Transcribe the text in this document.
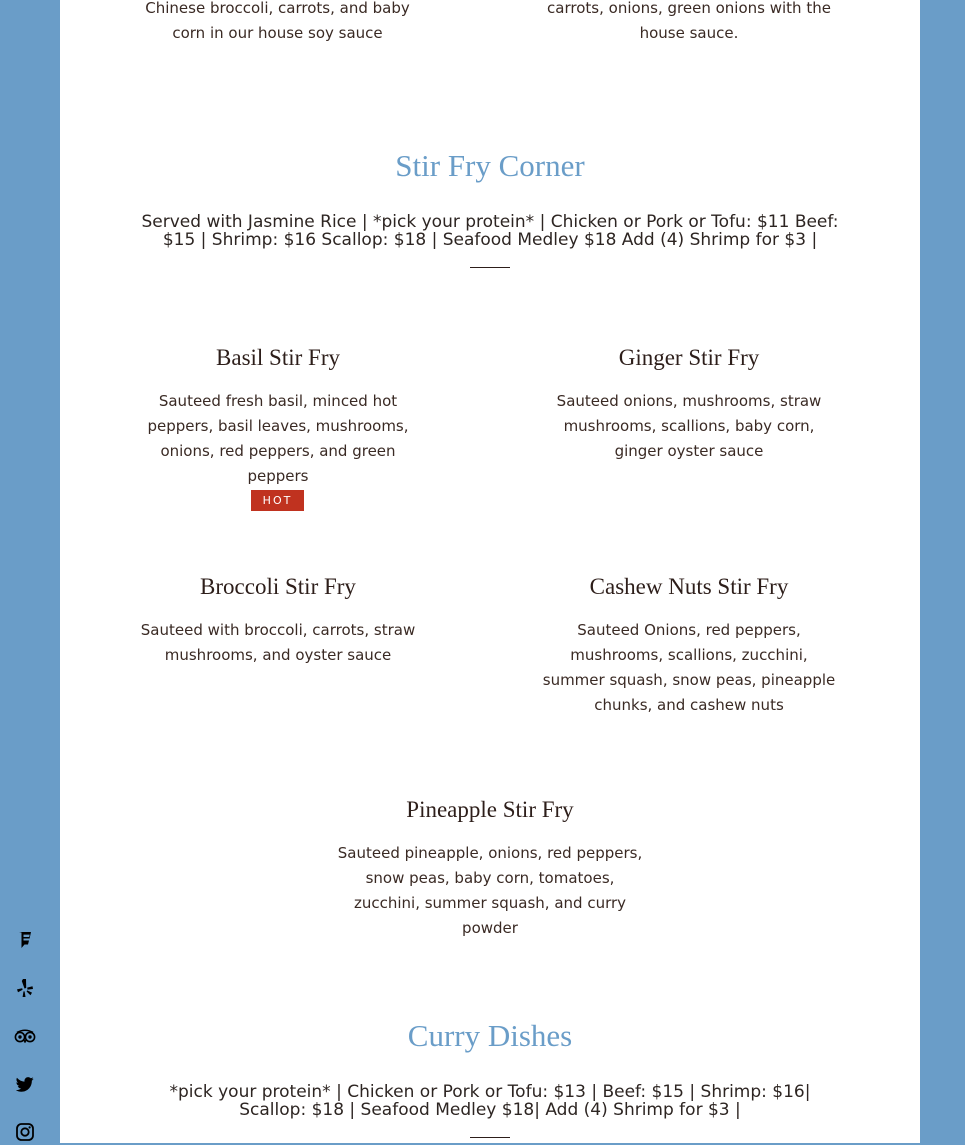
Chinese broccoli, carrots, and baby corn in our house soy sauce
carrots, onions, green onions with the house sauce.
Stir Fry Corner
Served with Jasmine Rice | *pick your protein* | Chicken or Pork or Tofu: $11 Beef: $15 | Shrimp: $16 Scallop: $18 | Seafood Medley $18 Add (4) Shrimp for $3 |
Basil Stir Fry
Sauteed fresh basil, minced hot peppers, basil leaves, mushrooms, onions, red peppers, and green peppers
HOT
Ginger Stir Fry
Sauteed onions, mushrooms, straw mushrooms, scallions, baby corn, ginger oyster sauce
Broccoli Stir Fry
Sauteed with broccoli, carrots, straw mushrooms, and oyster sauce
Cashew Nuts Stir Fry
Sauteed Onions, red peppers, mushrooms, scallions, zucchini, summer squash, snow peas, pineapple chunks, and cashew nuts
Pineapple Stir Fry
Sauteed pineapple, onions, red peppers, snow peas, baby corn, tomatoes, zucchini, summer squash, and curry powder
Curry Dishes
*pick your protein* | Chicken or Pork or Tofu: $13 | Beef: $15 | Shrimp: $16| Scallop: $18 | Seafood Medley $18| Add (4) Shrimp for $3 |
